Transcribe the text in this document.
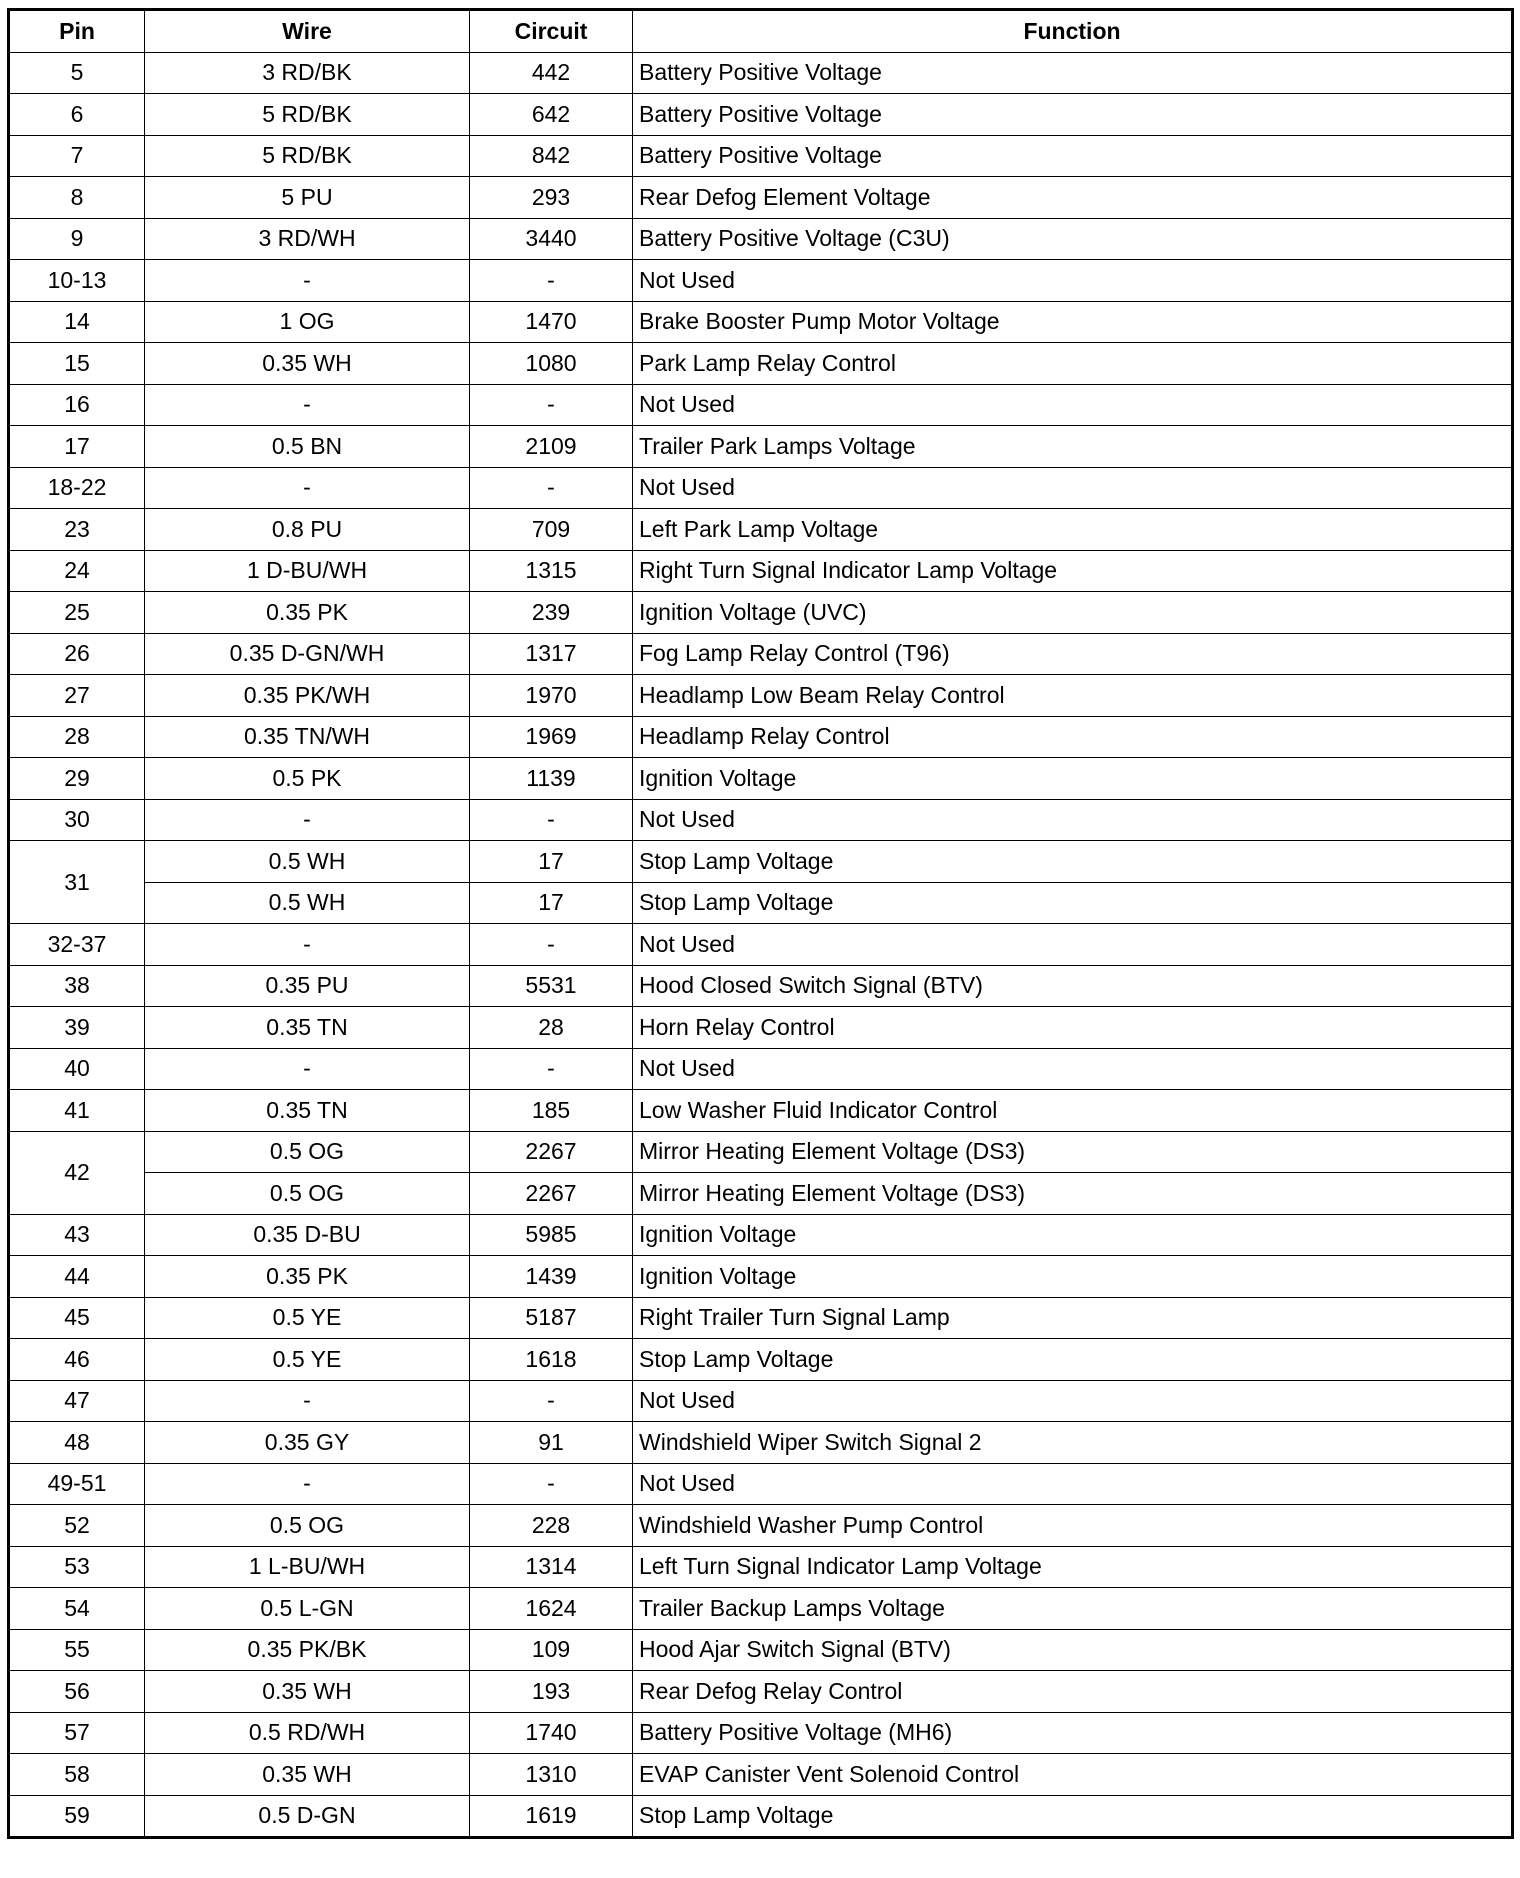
Pin	Wire	Circuit	Function
5	3 RD/BK	442	Battery Positive Voltage
6	5 RD/BK	642	Battery Positive Voltage
7	5 RD/BK	842	Battery Positive Voltage
8	5 PU	293	Rear Defog Element Voltage
9	3 RD/WH	3440	Battery Positive Voltage (C3U)
10-13	-	-	Not Used
14	1 OG	1470	Brake Booster Pump Motor Voltage
15	0.35 WH	1080	Park Lamp Relay Control
16	-	-	Not Used
17	0.5 BN	2109	Trailer Park Lamps Voltage
18-22	-	-	Not Used
23	0.8 PU	709	Left Park Lamp Voltage
24	1 D-BU/WH	1315	Right Turn Signal Indicator Lamp Voltage
25	0.35 PK	239	Ignition Voltage (UVC)
26	0.35 D-GN/WH	1317	Fog Lamp Relay Control (T96)
27	0.35 PK/WH	1970	Headlamp Low Beam Relay Control
28	0.35 TN/WH	1969	Headlamp Relay Control
29	0.5 PK	1139	Ignition Voltage
30	-	-	Not Used
31	0.5 WH	17	Stop Lamp Voltage
	0.5 WH	17	Stop Lamp Voltage
32-37	-	-	Not Used
38	0.35 PU	5531	Hood Closed Switch Signal (BTV)
39	0.35 TN	28	Horn Relay Control
40	-	-	Not Used
41	0.35 TN	185	Low Washer Fluid Indicator Control
42	0.5 OG	2267	Mirror Heating Element Voltage (DS3)
	0.5 OG	2267	Mirror Heating Element Voltage (DS3)
43	0.35 D-BU	5985	Ignition Voltage
44	0.35 PK	1439	Ignition Voltage
45	0.5 YE	5187	Right Trailer Turn Signal Lamp
46	0.5 YE	1618	Stop Lamp Voltage
47	-	-	Not Used
48	0.35 GY	91	Windshield Wiper Switch Signal 2
49-51	-	-	Not Used
52	0.5 OG	228	Windshield Washer Pump Control
53	1 L-BU/WH	1314	Left Turn Signal Indicator Lamp Voltage
54	0.5 L-GN	1624	Trailer Backup Lamps Voltage
55	0.35 PK/BK	109	Hood Ajar Switch Signal (BTV)
56	0.35 WH	193	Rear Defog Relay Control
57	0.5 RD/WH	1740	Battery Positive Voltage (MH6)
58	0.35 WH	1310	EVAP Canister Vent Solenoid Control
59	0.5 D-GN	1619	Stop Lamp Voltage
